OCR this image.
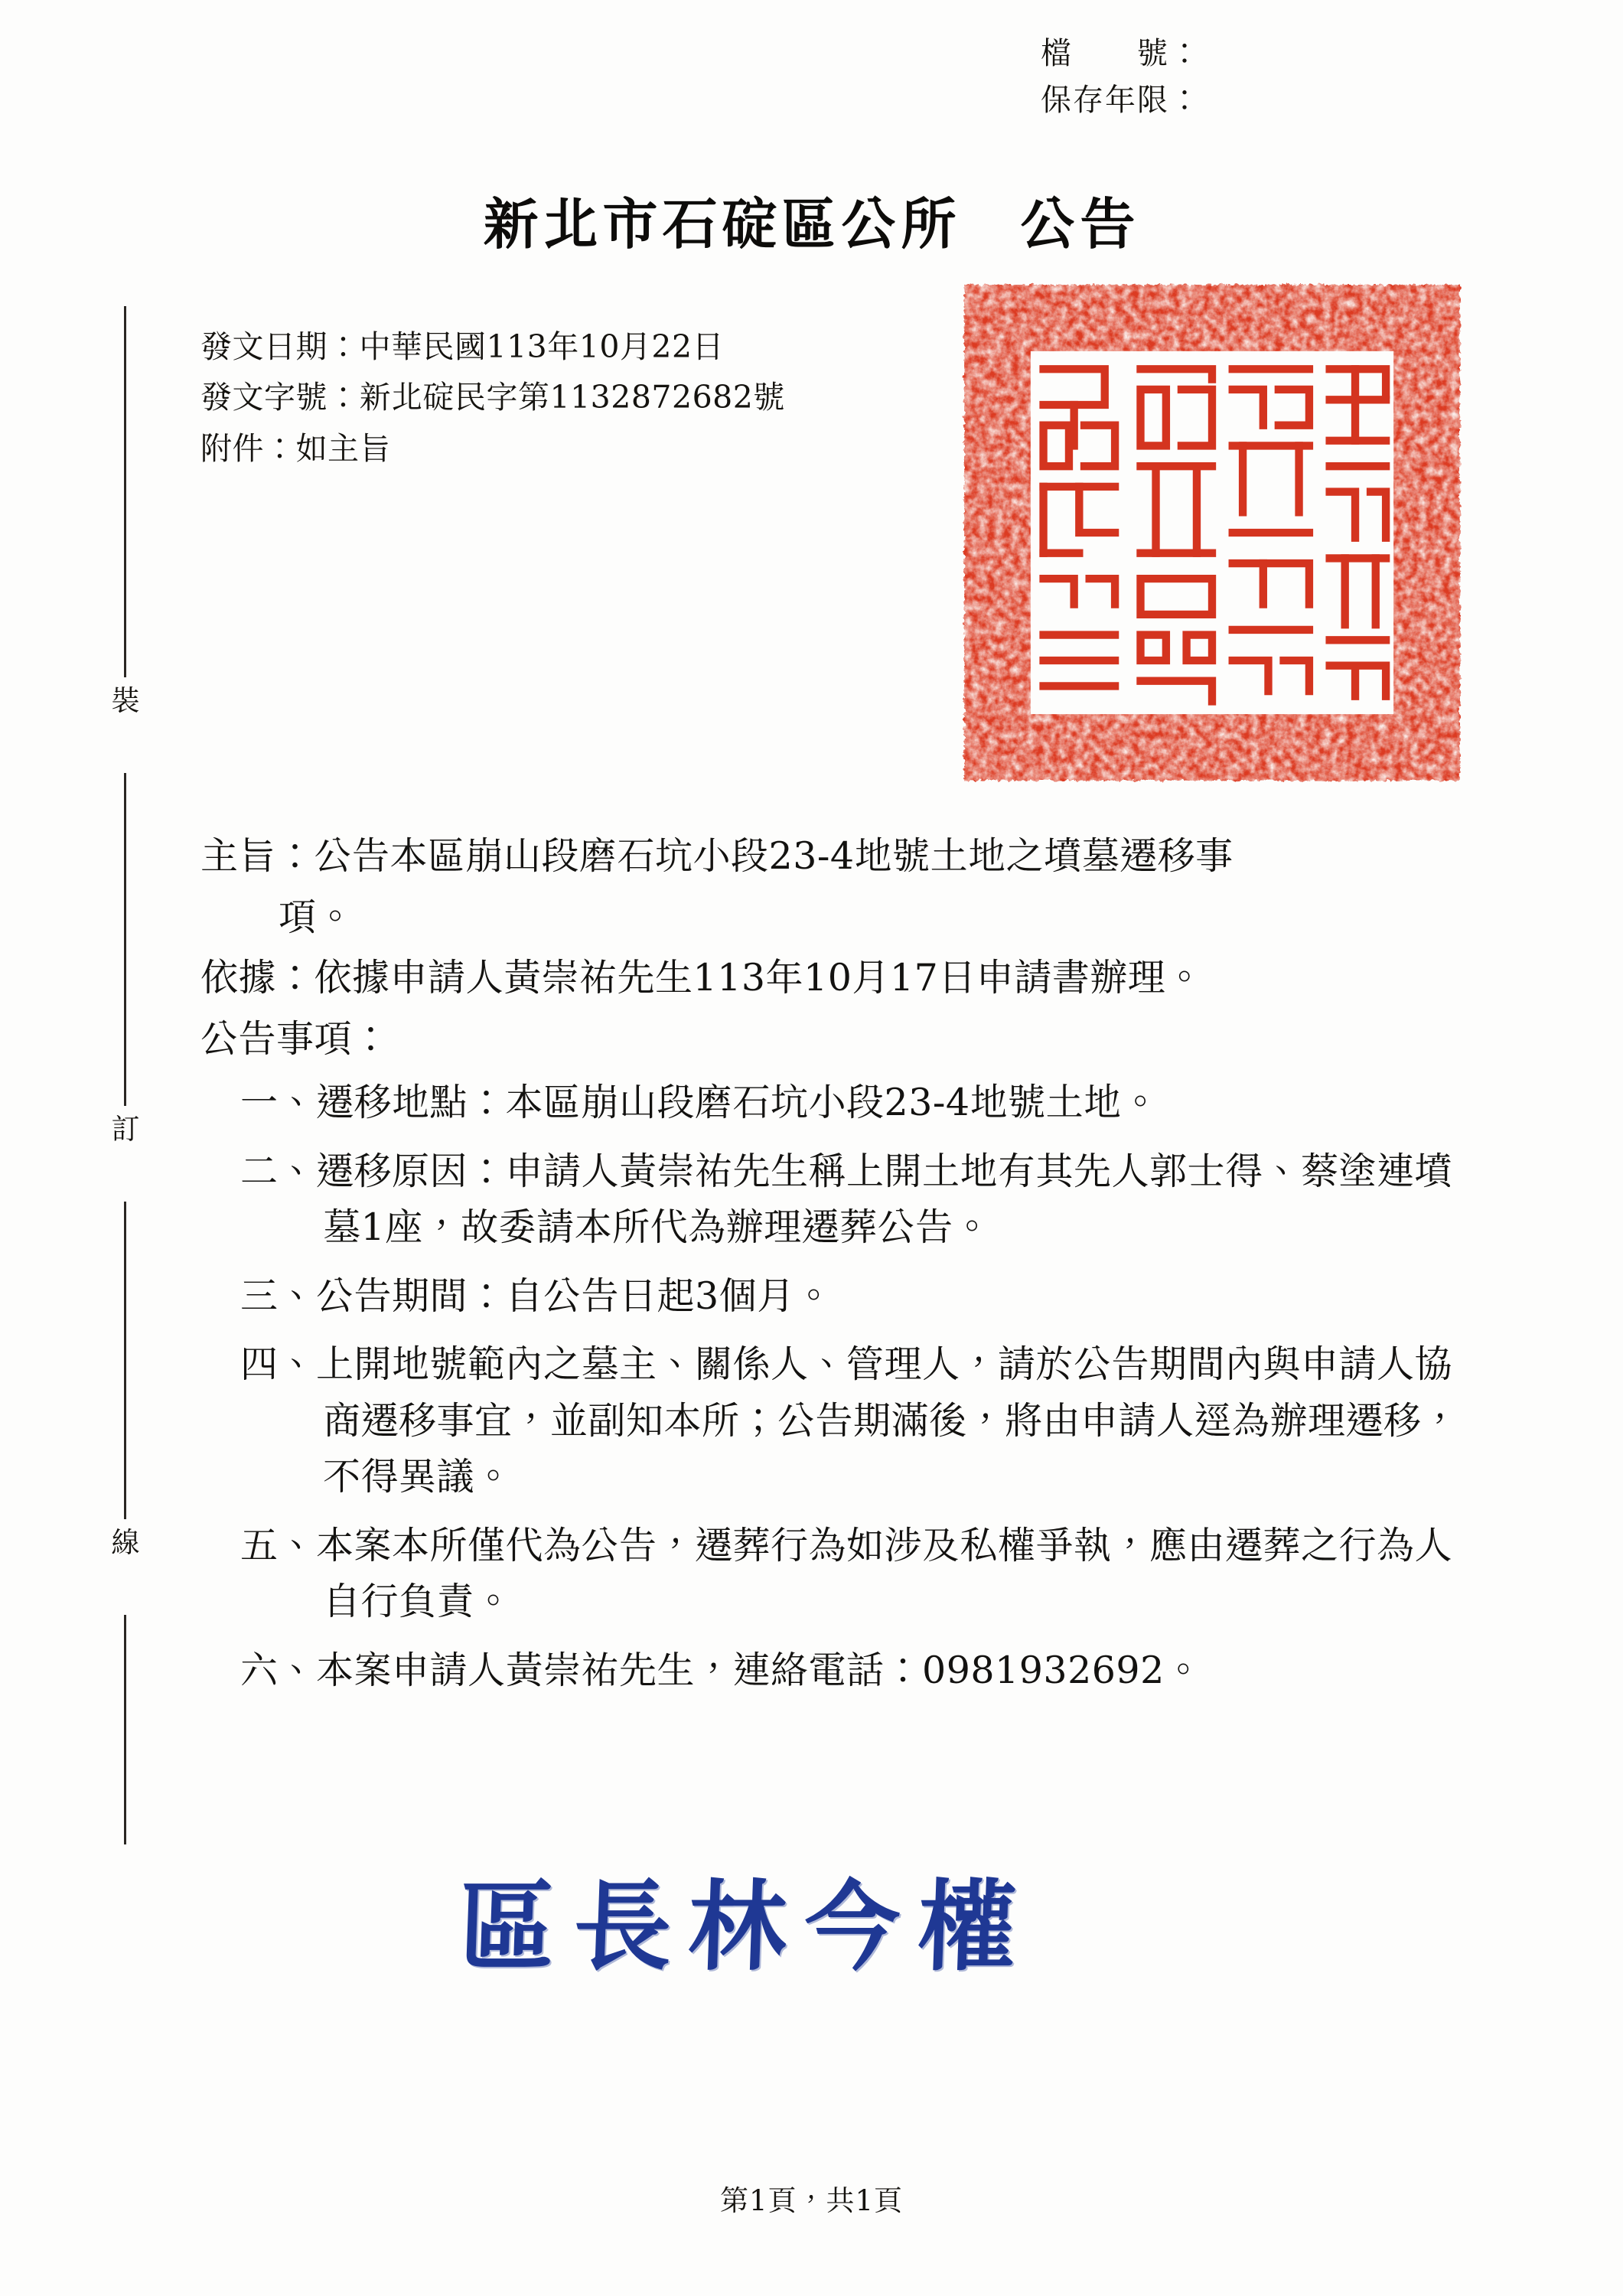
檔　　號：
保存年限：
新北市石碇區公所　公告
發文日期：中華民國113年10月22日
發文字號：新北碇民字第1132872682號
附件：如主旨
裝
訂
線
主旨：公告本區崩山段磨石坑小段23-4地號土地之墳墓遷移事
項。
依據：依據申請人黃崇祐先生113年10月17日申請書辦理。
公告事項：
一、遷移地點：本區崩山段磨石坑小段23-4地號土地。
二、遷移原因：申請人黃崇祐先生稱上開土地有其先人郭士得、蔡塗連墳墓1座，故委請本所代為辦理遷葬公告。
三、公告期間：自公告日起3個月。
四、上開地號範內之墓主、關係人、管理人，請於公告期間內與申請人協商遷移事宜，並副知本所；公告期滿後，將由申請人逕為辦理遷移，不得異議。
五、本案本所僅代為公告，遷葬行為如涉及私權爭執，應由遷葬之行為人自行負責。
六、本案申請人黃崇祐先生，連絡電話：0981932692。
區長林今權
第1頁，共1頁
